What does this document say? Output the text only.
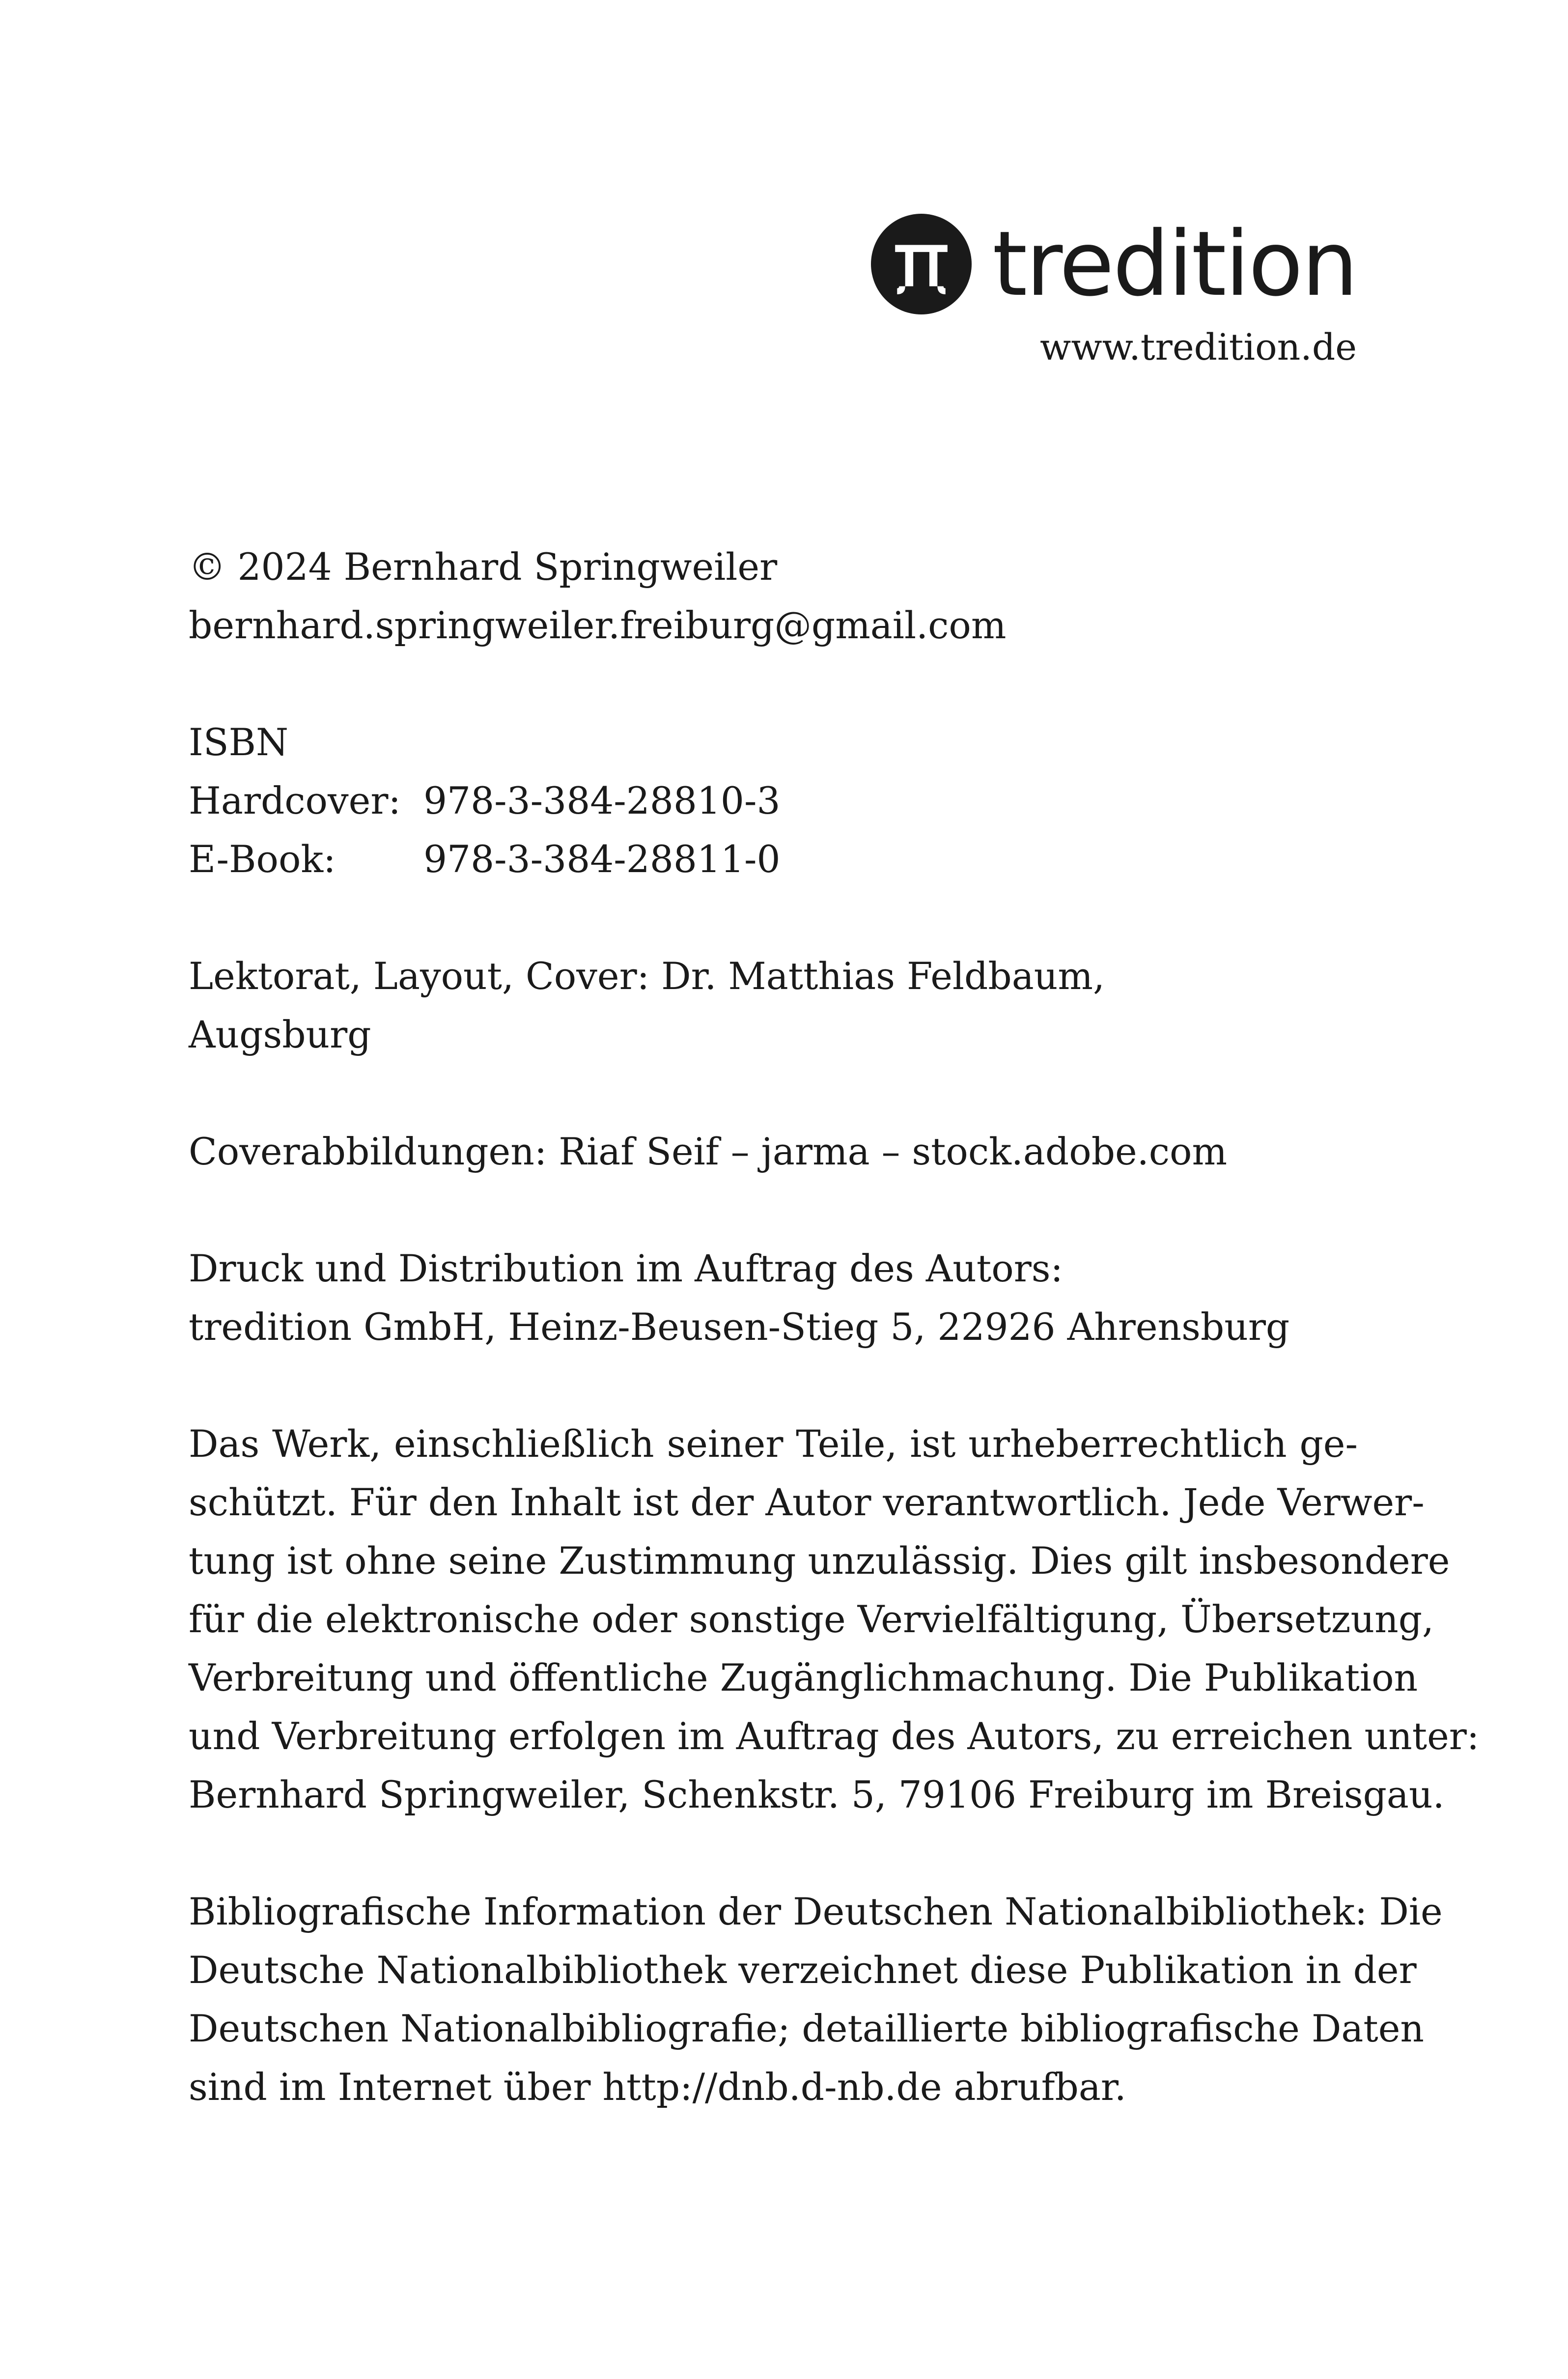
tredition
www.tredition.de

© 2024 Bernhard Springweiler

bernhard.springweiler.freiburg@gmail.com

ISBN

Hardcover: 978-3-384-28810-3
E-Book:	978-3-384-28811-0
Lektorat, Layout, Cover: Dr. Matthias Feldbaum,
Augsburg

Coverabbildungen: Riaf Seif – jarma – stock.adobe.com

Druck und Distribution im Auftrag des Autors:
tredition GmbH, Heinz-Beusen-Stieg 5, 22926 Ahrensburg
Das Werk, einschließlich seiner Teile, ist urheberrechtlich ge-
schützt. Für den Inhalt ist der Autor verantwortlich. Jede Verwer-
tung ist ohne seine Zustimmung unzulässig. Dies gilt insbesondere
für die elektronische oder sonstige Vervielfältigung, Übersetzung,
Verbreitung und öffentliche Zugänglichmachung. Die Publikation
und Verbreitung erfolgen im Auftrag des Autors, zu erreichen unter:
Bernhard Springweiler, Schenkstr. 5, 79106 Freiburg im Breisgau.
Bibliografische Information der Deutschen Nationalbibliothek: Die
Deutsche Nationalbibliothek verzeichnet diese Publikation in der
Deutschen Nationalbibliografie; detaillierte bibliografische Daten
sind im Internet über http://dnb.d-nb.de abrufbar.
